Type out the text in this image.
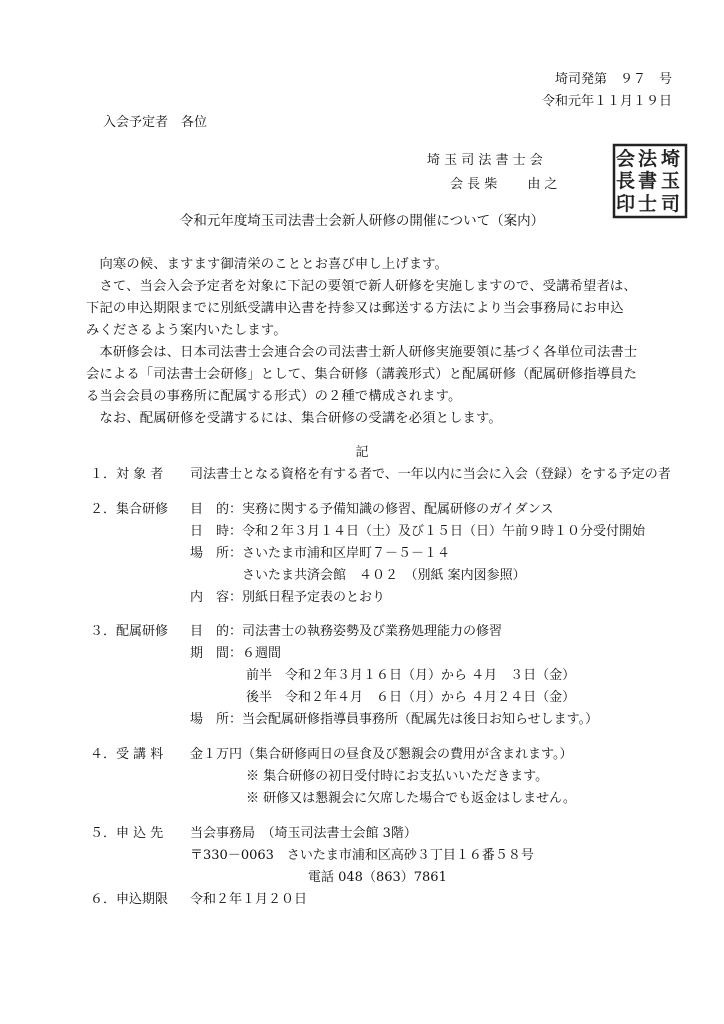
埼司発第　９７　号
令和元年１１月１９日
入会予定者　各位
埼 玉 司 法 書 士 会
会 長 柴　　 由 之
埼
玉
司
法
書
士
会
長
印
令和元年度埼玉司法書士会新人研修の開催について（案内）
　向寒の候、ますます御清栄のこととお喜び申し上げます。
　さて、当会入会予定者を対象に下記の要領で新人研修を実施しますので、受講希望者は、
下記の申込期限までに別紙受講申込書を持参又は郵送する方法により当会事務局にお申込
みくださるよう案内いたします。
　本研修会は、日本司法書士会連合会の司法書士新人研修実施要領に基づく各単位司法書士
会による「司法書士会研修」として、集合研修（講義形式）と配属研修（配属研修指導員た
る当会会員の事務所に配属する形式）の２種で構成されます。
　なお、配属研修を受講するには、集合研修の受講を必須とします。
記
１．対 象 者 司法書士となる資格を有する者で、一年以内に当会に入会（登録）をする予定の者
２．集合研修 目　的：実務に関する予備知識の修習、配属研修のガイダンス
日　時：令和２年３月１４日（土）及び１５日（日）午前９時１０分受付開始
場　所：さいたま市浦和区岸町７－５－１４
　　　　さいたま共済会館　４０２　（別紙 案内図参照）
内　容：別紙日程予定表のとおり
３．配属研修 目　的：司法書士の執務姿勢及び業務処理能力の修習
期　間：６週間
前半　令和２年３月１６日（月）から ４月　３日（金）
後半　令和２年４月　６日（月）から ４月２４日（金）
場　所：当会配属研修指導員事務所（配属先は後日お知らせします。）
４．受 講 料 金１万円（集合研修両日の昼食及び懇親会の費用が含まれます。）
※ 集合研修の初日受付時にお支払いいただきます。
※ 研修又は懇親会に欠席した場合でも返金はしません。
５．申 込 先 当会事務局　（埼玉司法書士会館 3階）
〒330－0063　さいたま市浦和区高砂３丁目１６番５８号
電話 048（863）7861
６．申込期限 令和２年１月２０日
